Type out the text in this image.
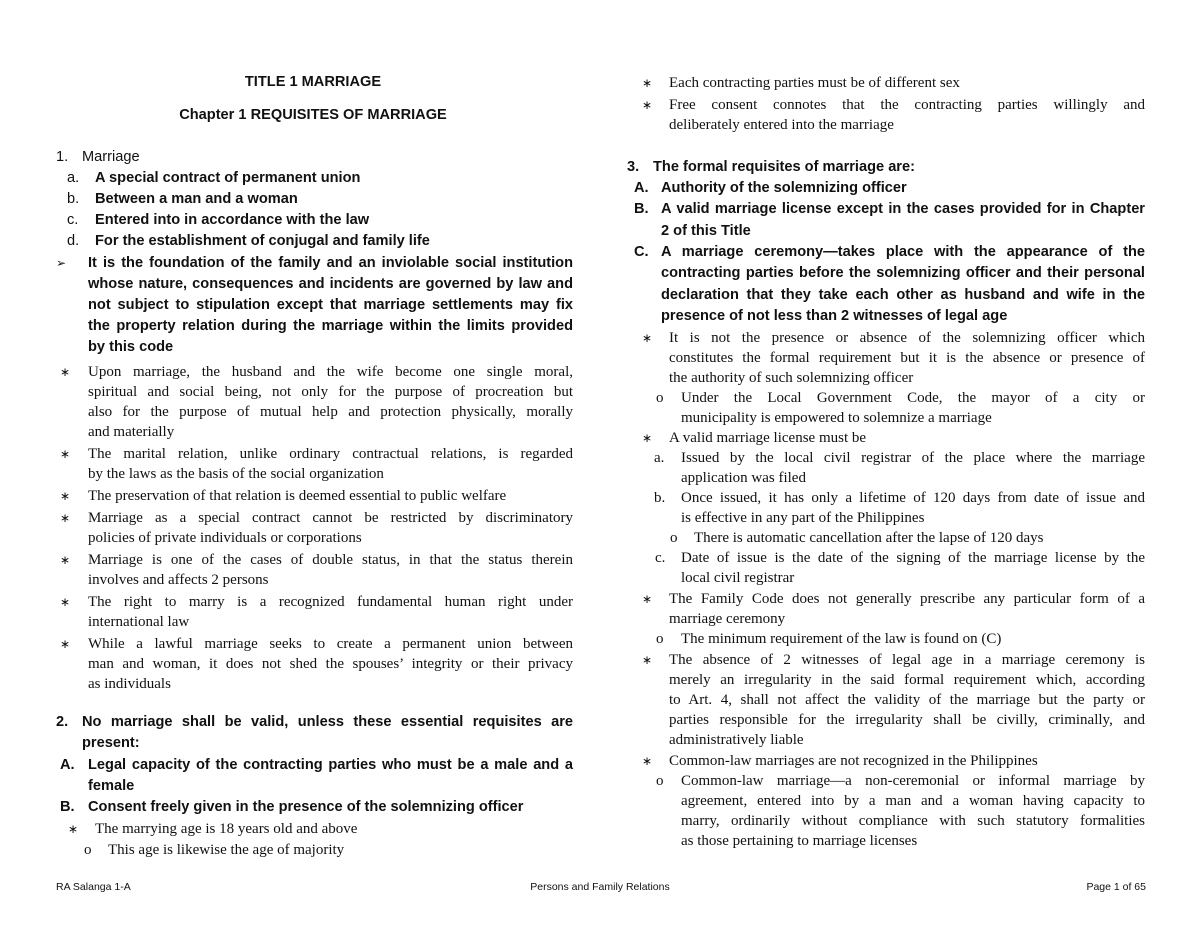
TITLE 1 MARRIAGE
Chapter 1 REQUISITES OF MARRIAGE
1. Marriage
a. A special contract of permanent union
b. Between a man and a woman
c. Entered into in accordance with the law
d. For the establishment of conjugal and family life
➢ It is the foundation of the family and an inviolable social institution
whose nature, consequences and incidents are governed by law and
not subject to stipulation except that marriage settlements may fix
the property relation during the marriage within the limits provided
by this code
∗ Upon marriage, the husband and the wife become one single moral,
spiritual and social being, not only for the purpose of procreation but
also for the purpose of mutual help and protection physically, morally
and materially
∗ The marital relation, unlike ordinary contractual relations, is regarded
by the laws as the basis of the social organization
∗ The preservation of that relation is deemed essential to public welfare
∗ Marriage as a special contract cannot be restricted by discriminatory
policies of private individuals or corporations
∗ Marriage is one of the cases of double status, in that the status therein
involves and affects 2 persons
∗ The right to marry is a recognized fundamental human right under
international law
∗ While a lawful marriage seeks to create a permanent union between
man and woman, it does not shed the spouses’ integrity or their privacy
as individuals
2. No marriage shall be valid, unless these essential requisites are
present:
A. Legal capacity of the contracting parties who must be a male and a
female
B. Consent freely given in the presence of the solemnizing officer
∗ The marrying age is 18 years old and above
o This age is likewise the age of majority
∗ Each contracting parties must be of different sex
∗ Free consent connotes that the contracting parties willingly and
deliberately entered into the marriage
3. The formal requisites of marriage are:
A. Authority of the solemnizing officer
B. A valid marriage license except in the cases provided for in Chapter
2 of this Title
C. A marriage ceremony—takes place with the appearance of the
contracting parties before the solemnizing officer and their personal
declaration that they take each other as husband and wife in the
presence of not less than 2 witnesses of legal age
∗ It is not the presence or absence of the solemnizing officer which
constitutes the formal requirement but it is the absence or presence of
the authority of such solemnizing officer
o Under the Local Government Code, the mayor of a city or
municipality is empowered to solemnize a marriage
∗ A valid marriage license must be
a. Issued by the local civil registrar of the place where the marriage
application was filed
b. Once issued, it has only a lifetime of 120 days from date of issue and
is effective in any part of the Philippines
o There is automatic cancellation after the lapse of 120 days
c. Date of issue is the date of the signing of the marriage license by the
local civil registrar
∗ The Family Code does not generally prescribe any particular form of a
marriage ceremony
o The minimum requirement of the law is found on (C)
∗ The absence of 2 witnesses of legal age in a marriage ceremony is
merely an irregularity in the said formal requirement which, according
to Art. 4, shall not affect the validity of the marriage but the party or
parties responsible for the irregularity shall be civilly, criminally, and
administratively liable
∗ Common-law marriages are not recognized in the Philippines
o Common-law marriage—a non-ceremonial or informal marriage by
agreement, entered into by a man and a woman having capacity to
marry, ordinarily without compliance with such statutory formalities
as those pertaining to marriage licenses
RA Salanga 1-A	Persons and Family Relations	Page 1 of 65
